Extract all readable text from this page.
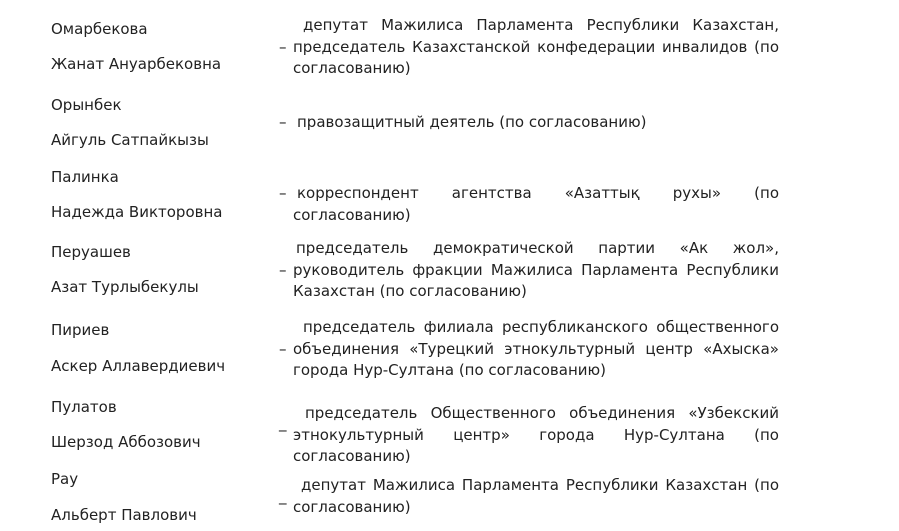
Омарбекова
Жанат Ануарбековна
–

депутат Мажилиса Парламента Республики Казахстан, председатель Казахстанской конфедерации инвалидов (по согласованию)

Орынбек
Айгуль Сатпайкызы
– правозащитный деятель (по согласованию)

Палинка
Надежда Викторовна
– корреспондент агентства «Азаттық рухы» (по согласованию)

Перуашев
Азат Турлыбекулы
–

председатель демократической партии «Ак жол», руководитель фракции Мажилиса Парламента Республики Казахстан (по согласованию)

Пириев
Аскер Аллавердиевич
–

председатель филиала республиканского общественного объединения «Турецкий этнокультурный центр «Ахыска» города Нур-Султана (по согласованию)

Пулатов
Шерзод Аббозович
_

председатель Общественного объединения «Узбекский этнокультурный центр» города Нур-Султана (по согласованию)

Рау
Альберт Павлович
_

депутат Мажилиса Парламента Республики Казахстан (по согласованию)
